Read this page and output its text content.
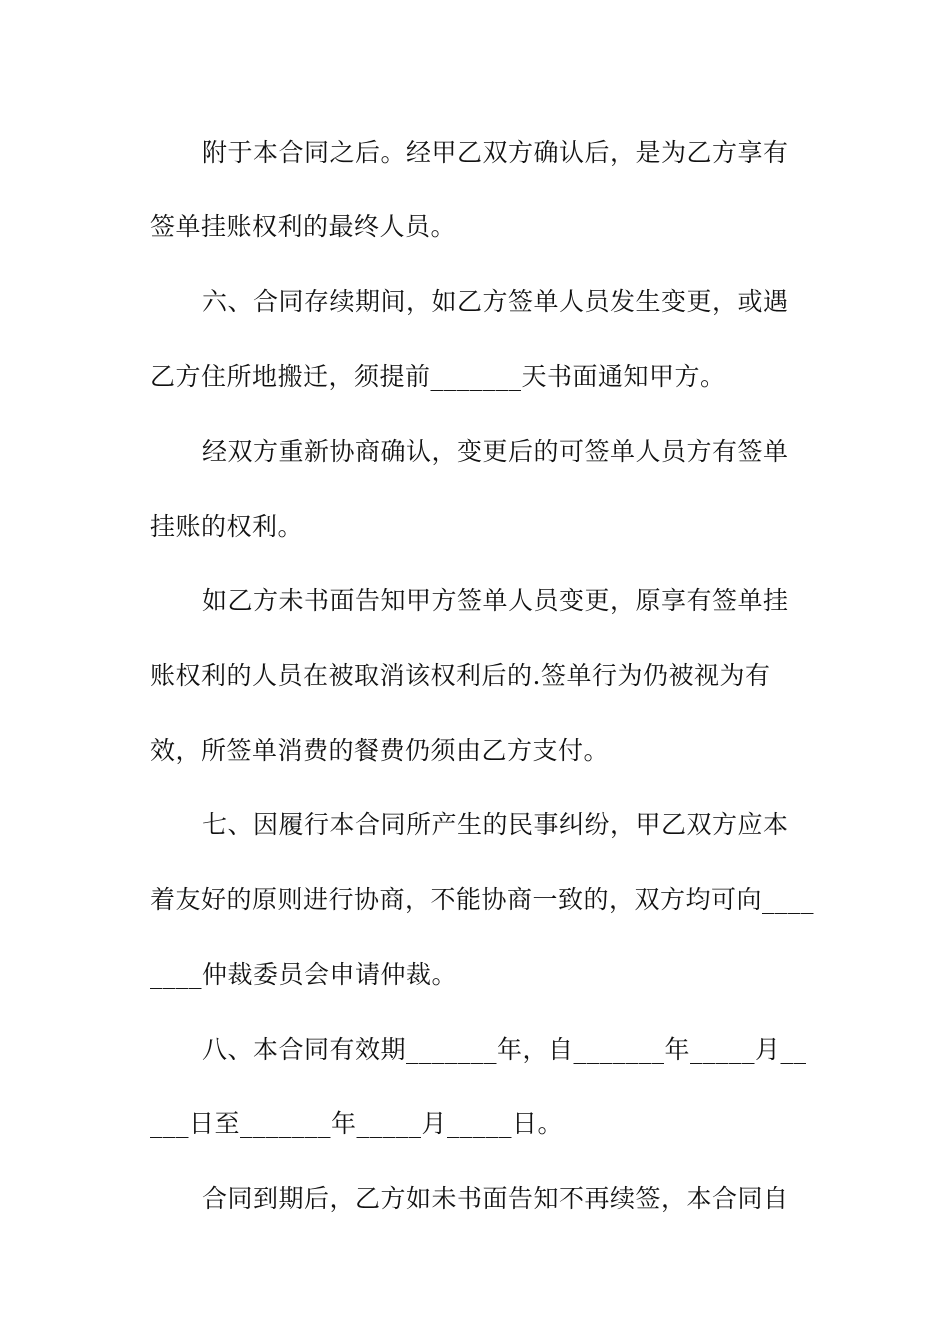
附于本合同之后。经甲乙双方确认后，是为乙方享有
签单挂账权利的最终人员。
六、合同存续期间，如乙方签单人员发生变更，或遇
乙方住所地搬迁，须提前_______天书面通知甲方。
经双方重新协商确认，变更后的可签单人员方有签单
挂账的权利。
如乙方未书面告知甲方签单人员变更，原享有签单挂
账权利的人员在被取消该权利后的.签单行为仍被视为有
效，所签单消费的餐费仍须由乙方支付。
七、因履行本合同所产生的民事纠纷，甲乙双方应本
着友好的原则进行协商，不能协商一致的，双方均可向____
____仲裁委员会申请仲裁。
八、本合同有效期_______年，自_______年_____月__
___日至_______年_____月_____日。
合同到期后，乙方如未书面告知不再续签，本合同自
